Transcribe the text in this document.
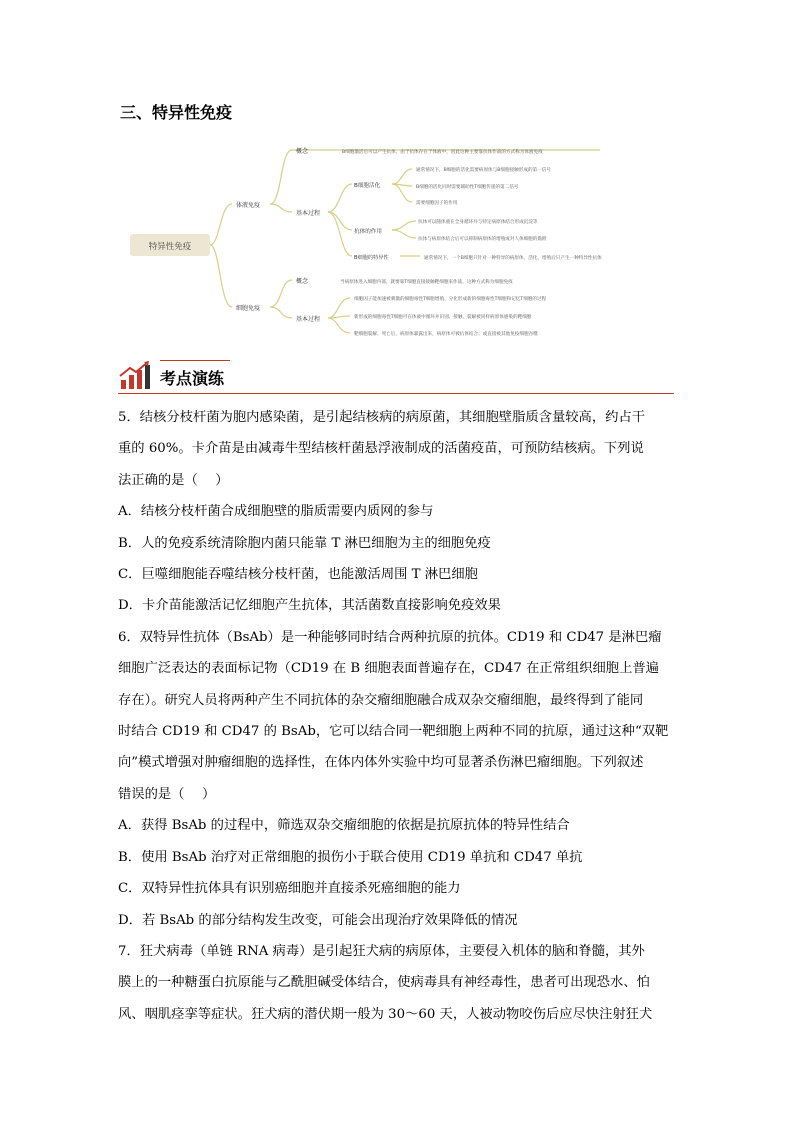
三、特异性免疫
特异性免疫
体液免疫
概念	B细胞激活后可以产生抗体，由于抗体存在于体液中，因此这种主要靠抗体作战的方式称为体液免疫
基本过程
B细胞活化
通常情况下，B细胞的活化需要病原体与B细胞接触形成的第一信号
B细胞的活化同时需要辅助性T细胞传递的第二信号
需要细胞因子的作用
抗体的作用
抗体可以随体液在全身循环并与特定病原体结合形成沉淀等
抗体与病原体结合后可以抑制病原体的增殖或对人体细胞的黏附
B细胞的特异性	通常情况下，一个B细胞只针对一种特异的病原体，活化、增殖后只产生一种特异性抗体
细胞免疫
概念	当病原体进入细胞内部，就要靠T细胞直接接触靶细胞来作战，这种方式称为细胞免疫
基本过程
细胞因子能加速被刺激的细胞毒性T细胞增殖、分化形成新的细胞毒性T细胞和记忆T细胞的过程
新形成的细胞毒性T细胞可在体液中循环并识别、接触、裂解被同样病原体感染的靶细胞
靶细胞裂解、死亡后，病原体暴露出来，病原体可被抗体结合；或直接被其他免疫细胞吞噬
考点演练

5．结核分枝杆菌为胞内感染菌，是引起结核病的病原菌，其细胞壁脂质含量较高，约占干

重的 60%。卡介苗是由减毒牛型结核杆菌悬浮液制成的活菌疫苗，可预防结核病。下列说

法正确的是（　 ）

A．结核分枝杆菌合成细胞壁的脂质需要内质网的参与

B．人的免疫系统清除胞内菌只能靠 T 淋巴细胞为主的细胞免疫

C．巨噬细胞能吞噬结核分枝杆菌，也能激活周围 T 淋巴细胞

D．卡介苗能激活记忆细胞产生抗体，其活菌数直接影响免疫效果

6．双特异性抗体（BsAb）是一种能够同时结合两种抗原的抗体。CD19 和 CD47 是淋巴瘤

细胞广泛表达的表面标记物（CD19 在 B 细胞表面普遍存在，CD47 在正常组织细胞上普遍

存在）。研究人员将两种产生不同抗体的杂交瘤细胞融合成双杂交瘤细胞，最终得到了能同

时结合 CD19 和 CD47 的 BsAb，它可以结合同一靶细胞上两种不同的抗原，通过这种“双靶

向”模式增强对肿瘤细胞的选择性，在体内体外实验中均可显著杀伤淋巴瘤细胞。下列叙述

错误的是（　 ）

A．获得 BsAb 的过程中，筛选双杂交瘤细胞的依据是抗原抗体的特异性结合

B．使用 BsAb 治疗对正常细胞的损伤小于联合使用 CD19 单抗和 CD47 单抗

C．双特异性抗体具有识别癌细胞并直接杀死癌细胞的能力

D．若 BsAb 的部分结构发生改变，可能会出现治疗效果降低的情况

7．狂犬病毒（单链 RNA 病毒）是引起狂犬病的病原体，主要侵入机体的脑和脊髓，其外

膜上的一种糖蛋白抗原能与乙酰胆碱受体结合，使病毒具有神经毒性，患者可出现恐水、怕

风、咽肌痉挛等症状。狂犬病的潜伏期一般为 30～60 天，人被动物咬伤后应尽快注射狂犬
